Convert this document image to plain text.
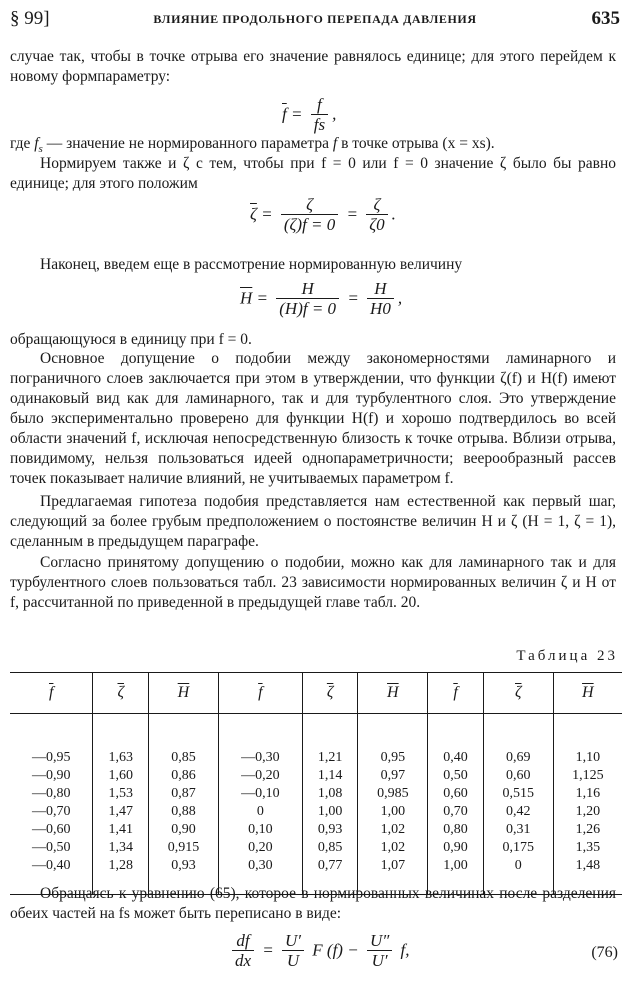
§ 99]	ВЛИЯНИЕ ПРОДОЛЬНОГО ПЕРЕПАДА ДАВЛЕНИЯ	635

случае так, чтобы в точке отрыва его значение равнялось единице; для этого перейдем к новому формпараметру:

$\overline{f} = \frac{f}{fs}$ ,

где $f_s$ — значение не нормированного параметра f в точке отрыва (x = xs).

Нормируем также и ζ с тем, чтобы при f = 0 или f = 0 значение ζ было бы равно единице; для этого положим

$\overline{\zeta} = \frac{\zeta}{(\zeta)f = 0} = \frac{\zeta}{\zeta 0}$ .

Наконец, введем еще в рассмотрение нормированную величину

$\overline{H} = \frac{H}{(H)f = 0} = \frac{H}{H0}$ ,

обращающуюся в единицу при f = 0.

Основное допущение о подобии между закономерностями ламинарного и пограничного слоев заключается при этом в утверждении, что функции ζ(f) и H(f) имеют одинаковый вид как для ламинарного, так и для турбулентного слоя. Это утверждение было экспериментально проверено для функции H(f) и хорошо подтвердилось во всей области значений f, исключая непосредственную близость к точке отрыва. Вблизи отрыва, повидимому, нельзя пользоваться идеей однопараметричности; веерообразный рассев точек показывает наличие влияний, не учитываемых параметром f.

Предлагаемая гипотеза подобия представляется нам естественной как первый шаг, следующий за более грубым предположением о постоянстве величин H и ζ (H = 1, ζ = 1), сделанным в предыдущем параграфе.

Согласно принятому допущению о подобии, можно как для ламинарного так и для турбулентного слоев пользоваться табл. 23 зависимости нормированных величин ζ и H от f, рассчитанной по приведенной в предыдущей главе табл. 20.

Таблица 23
$\overline{f}$	$\overline{\zeta}$	$\overline{H}$	$\overline{f}$	$\overline{\zeta}$	$\overline{H}$	$\overline{f}$	$\overline{\zeta}$	$\overline{H}$
—0,95	1,63	0,85	—0,30	1,21	0,95	0,40	0,69	1,10
—0,90	1,60	0,86	—0,20	1,14	0,97	0,50	0,60	1,125
—0,80	1,53	0,87	—0,10	1,08	0,985	0,60	0,515	1,16
—0,70	1,47	0,88	0	1,00	1,00	0,70	0,42	1,20
—0,60	1,41	0,90	0,10	0,93	1,02	0,80	0,31	1,26
—0,50	1,34	0,915	0,20	0,85	1,02	0,90	0,175	1,35
—0,40	1,28	0,93	0,30	0,77	1,07	1,00	0	1,48

Обращаясь к уравнению (65), которое в нормированных величинах после разделения обеих частей на fs может быть переписано в виде:

$\frac{df}{dx} = \frac{U'}{U}$ F $(f) - \frac{U''}{U'} f$,	(76)
